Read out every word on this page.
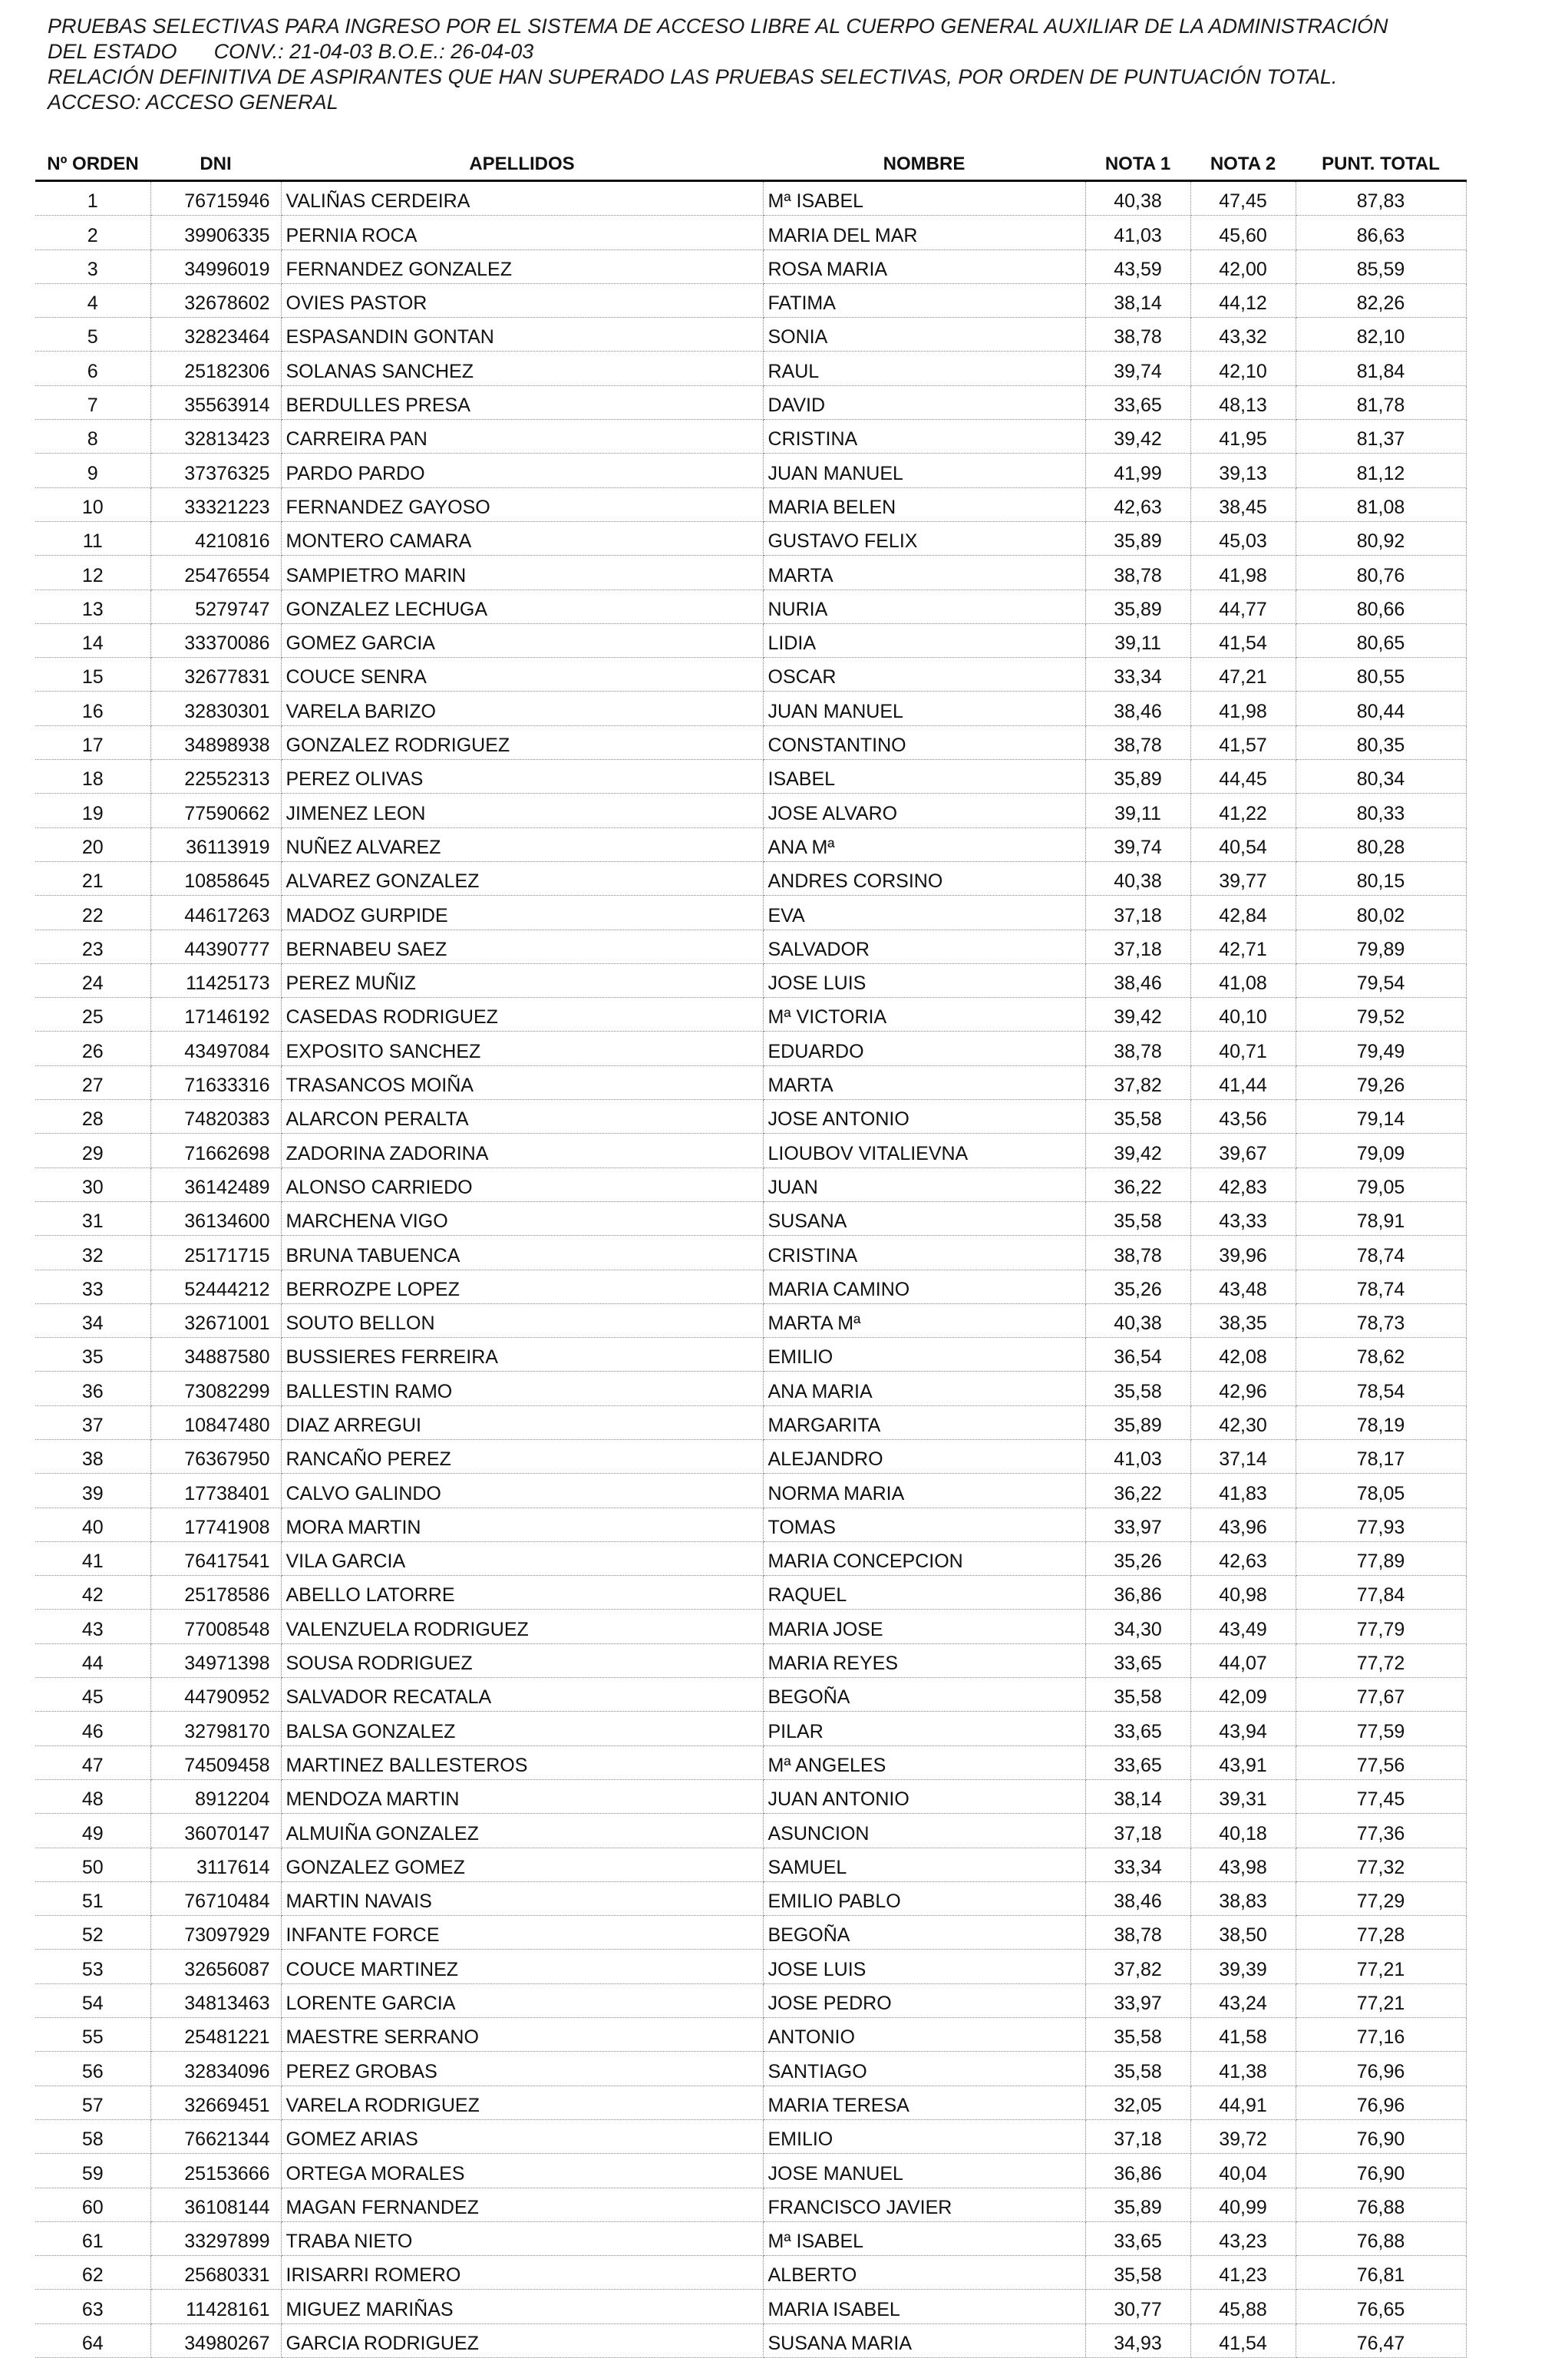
PRUEBAS SELECTIVAS PARA INGRESO POR EL SISTEMA DE ACCESO LIBRE AL CUERPO GENERAL AUXILIAR DE LA ADMINISTRACIÓN
DEL ESTADO CONV.: 21-04-03 B.O.E.: 26-04-03
RELACIÓN DEFINITIVA DE ASPIRANTES QUE HAN SUPERADO LAS PRUEBAS SELECTIVAS, POR ORDEN DE PUNTUACIÓN TOTAL.
ACCESO: ACCESO GENERAL
Nº ORDEN	DNI	APELLIDOS	NOMBRE	NOTA 1	NOTA 2	PUNT. TOTAL
1	76715946	VALIÑAS CERDEIRA	Mª ISABEL	40,38	47,45	87,83
2	39906335	PERNIA ROCA	MARIA DEL MAR	41,03	45,60	86,63
3	34996019	FERNANDEZ GONZALEZ	ROSA MARIA	43,59	42,00	85,59
4	32678602	OVIES PASTOR	FATIMA	38,14	44,12	82,26
5	32823464	ESPASANDIN GONTAN	SONIA	38,78	43,32	82,10
6	25182306	SOLANAS SANCHEZ	RAUL	39,74	42,10	81,84
7	35563914	BERDULLES PRESA	DAVID	33,65	48,13	81,78
8	32813423	CARREIRA PAN	CRISTINA	39,42	41,95	81,37
9	37376325	PARDO PARDO	JUAN MANUEL	41,99	39,13	81,12
10	33321223	FERNANDEZ GAYOSO	MARIA BELEN	42,63	38,45	81,08
11	4210816	MONTERO CAMARA	GUSTAVO FELIX	35,89	45,03	80,92
12	25476554	SAMPIETRO MARIN	MARTA	38,78	41,98	80,76
13	5279747	GONZALEZ LECHUGA	NURIA	35,89	44,77	80,66
14	33370086	GOMEZ GARCIA	LIDIA	39,11	41,54	80,65
15	32677831	COUCE SENRA	OSCAR	33,34	47,21	80,55
16	32830301	VARELA BARIZO	JUAN MANUEL	38,46	41,98	80,44
17	34898938	GONZALEZ RODRIGUEZ	CONSTANTINO	38,78	41,57	80,35
18	22552313	PEREZ OLIVAS	ISABEL	35,89	44,45	80,34
19	77590662	JIMENEZ LEON	JOSE ALVARO	39,11	41,22	80,33
20	36113919	NUÑEZ ALVAREZ	ANA Mª	39,74	40,54	80,28
21	10858645	ALVAREZ GONZALEZ	ANDRES CORSINO	40,38	39,77	80,15
22	44617263	MADOZ GURPIDE	EVA	37,18	42,84	80,02
23	44390777	BERNABEU SAEZ	SALVADOR	37,18	42,71	79,89
24	11425173	PEREZ MUÑIZ	JOSE LUIS	38,46	41,08	79,54
25	17146192	CASEDAS RODRIGUEZ	Mª VICTORIA	39,42	40,10	79,52
26	43497084	EXPOSITO SANCHEZ	EDUARDO	38,78	40,71	79,49
27	71633316	TRASANCOS MOIÑA	MARTA	37,82	41,44	79,26
28	74820383	ALARCON PERALTA	JOSE ANTONIO	35,58	43,56	79,14
29	71662698	ZADORINA ZADORINA	LIOUBOV VITALIEVNA	39,42	39,67	79,09
30	36142489	ALONSO CARRIEDO	JUAN	36,22	42,83	79,05
31	36134600	MARCHENA VIGO	SUSANA	35,58	43,33	78,91
32	25171715	BRUNA TABUENCA	CRISTINA	38,78	39,96	78,74
33	52444212	BERROZPE LOPEZ	MARIA CAMINO	35,26	43,48	78,74
34	32671001	SOUTO BELLON	MARTA Mª	40,38	38,35	78,73
35	34887580	BUSSIERES FERREIRA	EMILIO	36,54	42,08	78,62
36	73082299	BALLESTIN RAMO	ANA MARIA	35,58	42,96	78,54
37	10847480	DIAZ ARREGUI	MARGARITA	35,89	42,30	78,19
38	76367950	RANCAÑO PEREZ	ALEJANDRO	41,03	37,14	78,17
39	17738401	CALVO GALINDO	NORMA MARIA	36,22	41,83	78,05
40	17741908	MORA MARTIN	TOMAS	33,97	43,96	77,93
41	76417541	VILA GARCIA	MARIA CONCEPCION	35,26	42,63	77,89
42	25178586	ABELLO LATORRE	RAQUEL	36,86	40,98	77,84
43	77008548	VALENZUELA RODRIGUEZ	MARIA JOSE	34,30	43,49	77,79
44	34971398	SOUSA RODRIGUEZ	MARIA REYES	33,65	44,07	77,72
45	44790952	SALVADOR RECATALA	BEGOÑA	35,58	42,09	77,67
46	32798170	BALSA GONZALEZ	PILAR	33,65	43,94	77,59
47	74509458	MARTINEZ BALLESTEROS	Mª ANGELES	33,65	43,91	77,56
48	8912204	MENDOZA MARTIN	JUAN ANTONIO	38,14	39,31	77,45
49	36070147	ALMUIÑA GONZALEZ	ASUNCION	37,18	40,18	77,36
50	3117614	GONZALEZ GOMEZ	SAMUEL	33,34	43,98	77,32
51	76710484	MARTIN NAVAIS	EMILIO PABLO	38,46	38,83	77,29
52	73097929	INFANTE FORCE	BEGOÑA	38,78	38,50	77,28
53	32656087	COUCE MARTINEZ	JOSE LUIS	37,82	39,39	77,21
54	34813463	LORENTE GARCIA	JOSE PEDRO	33,97	43,24	77,21
55	25481221	MAESTRE SERRANO	ANTONIO	35,58	41,58	77,16
56	32834096	PEREZ GROBAS	SANTIAGO	35,58	41,38	76,96
57	32669451	VARELA RODRIGUEZ	MARIA TERESA	32,05	44,91	76,96
58	76621344	GOMEZ ARIAS	EMILIO	37,18	39,72	76,90
59	25153666	ORTEGA MORALES	JOSE MANUEL	36,86	40,04	76,90
60	36108144	MAGAN FERNANDEZ	FRANCISCO JAVIER	35,89	40,99	76,88
61	33297899	TRABA NIETO	Mª ISABEL	33,65	43,23	76,88
62	25680331	IRISARRI ROMERO	ALBERTO	35,58	41,23	76,81
63	11428161	MIGUEZ MARIÑAS	MARIA ISABEL	30,77	45,88	76,65
64	34980267	GARCIA RODRIGUEZ	SUSANA MARIA	34,93	41,54	76,47
